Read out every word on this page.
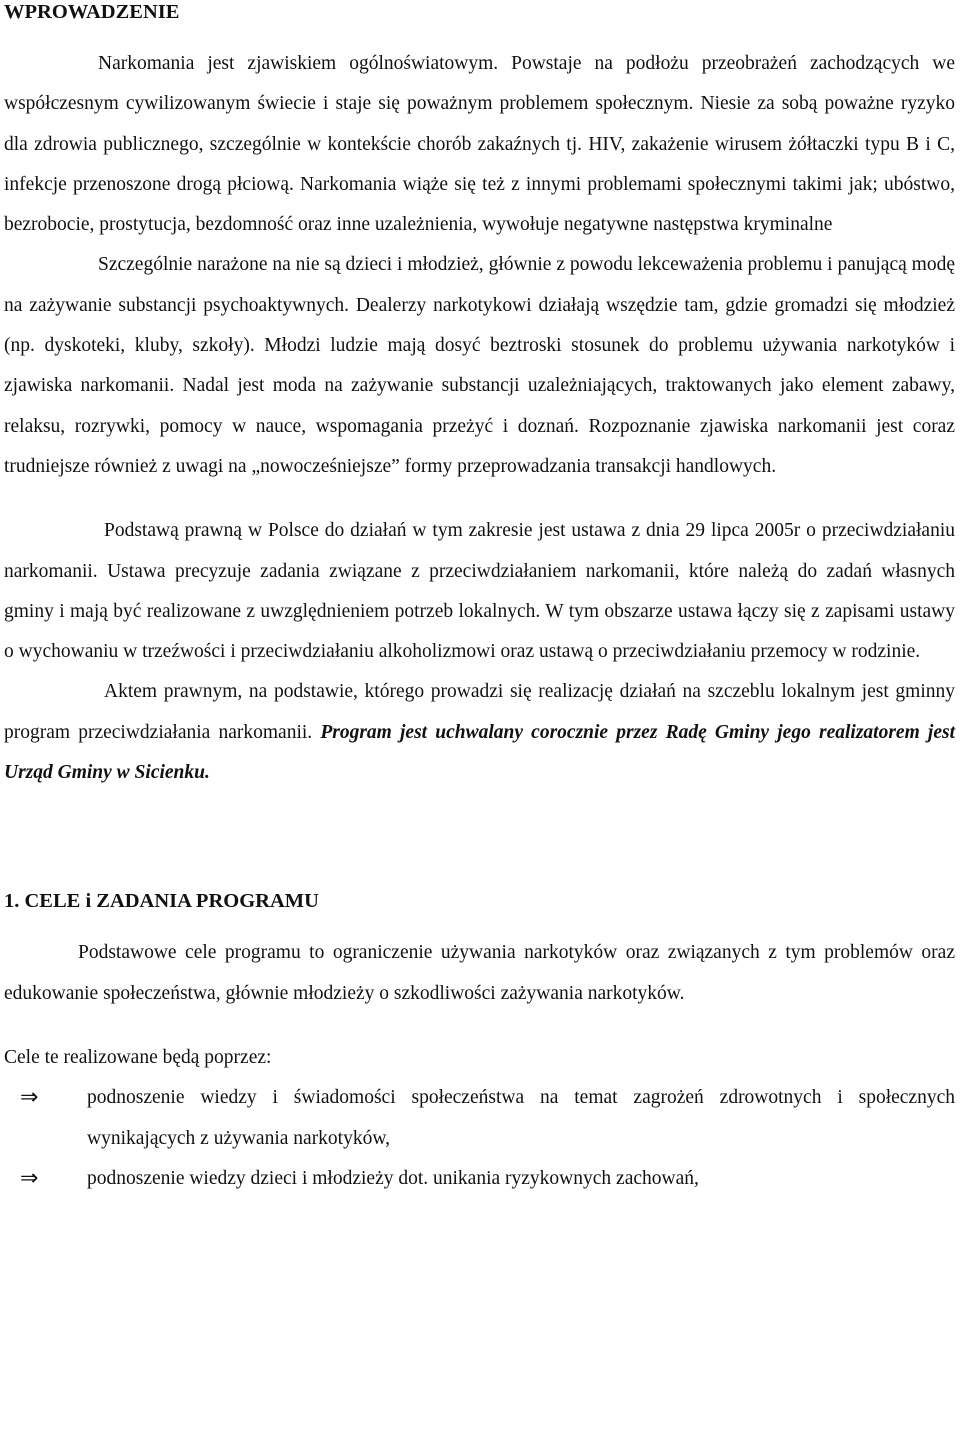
WPROWADZENIE

Narkomania jest zjawiskiem ogólnoświatowym. Powstaje na podłożu przeobrażeń zachodzących we współczesnym cywilizowanym świecie i staje się poważnym problemem społecznym. Niesie za sobą poważne ryzyko dla zdrowia publicznego, szczególnie w kontekście chorób zakaźnych tj. HIV, zakażenie wirusem żółtaczki typu B i C, infekcje przenoszone drogą płciową. Narkomania wiąże się też z innymi problemami społecznymi takimi jak; ubóstwo, bezrobocie, prostytucja, bezdomność oraz inne uzależnienia, wywołuje negatywne następstwa kryminalne

Szczególnie narażone na nie są dzieci i młodzież, głównie z powodu lekceważenia problemu i panującą modę na zażywanie substancji psychoaktywnych. Dealerzy narkotykowi działają wszędzie tam, gdzie gromadzi się młodzież (np. dyskoteki, kluby, szkoły). Młodzi ludzie mają dosyć beztroski stosunek do problemu używania narkotyków i zjawiska narkomanii. Nadal jest moda na zażywanie substancji uzależniających, traktowanych jako element zabawy, relaksu, rozrywki, pomocy w nauce, wspomagania przeżyć i doznań. Rozpoznanie zjawiska narkomanii jest coraz trudniejsze również z uwagi na „nowocześniejsze” formy przeprowadzania transakcji handlowych.

Podstawą prawną w Polsce do działań w tym zakresie jest ustawa z dnia 29 lipca 2005r o przeciwdziałaniu narkomanii. Ustawa precyzuje zadania związane z przeciwdziałaniem narkomanii, które należą do zadań własnych gminy i mają być realizowane z uwzględnieniem potrzeb lokalnych. W tym obszarze ustawa łączy się z zapisami ustawy o wychowaniu w trzeźwości i przeciwdziałaniu alkoholizmowi oraz ustawą o przeciwdziałaniu przemocy w rodzinie.

Aktem prawnym, na podstawie, którego prowadzi się realizację działań na szczeblu lokalnym jest gminny program przeciwdziałania narkomanii. Program jest uchwalany corocznie przez Radę Gminy jego realizatorem jest Urząd Gminy w Sicienku.

1. CELE i ZADANIA PROGRAMU

Podstawowe cele programu to ograniczenie używania narkotyków oraz związanych z tym problemów oraz edukowanie społeczeństwa, głównie młodzieży o szkodliwości zażywania narkotyków.

Cele te realizowane będą poprzez:

⇒ podnoszenie wiedzy i świadomości społeczeństwa na temat zagrożeń zdrowotnych i społecznych wynikających z używania narkotyków,
⇒ podnoszenie wiedzy dzieci i młodzieży dot. unikania ryzykownych zachowań,
